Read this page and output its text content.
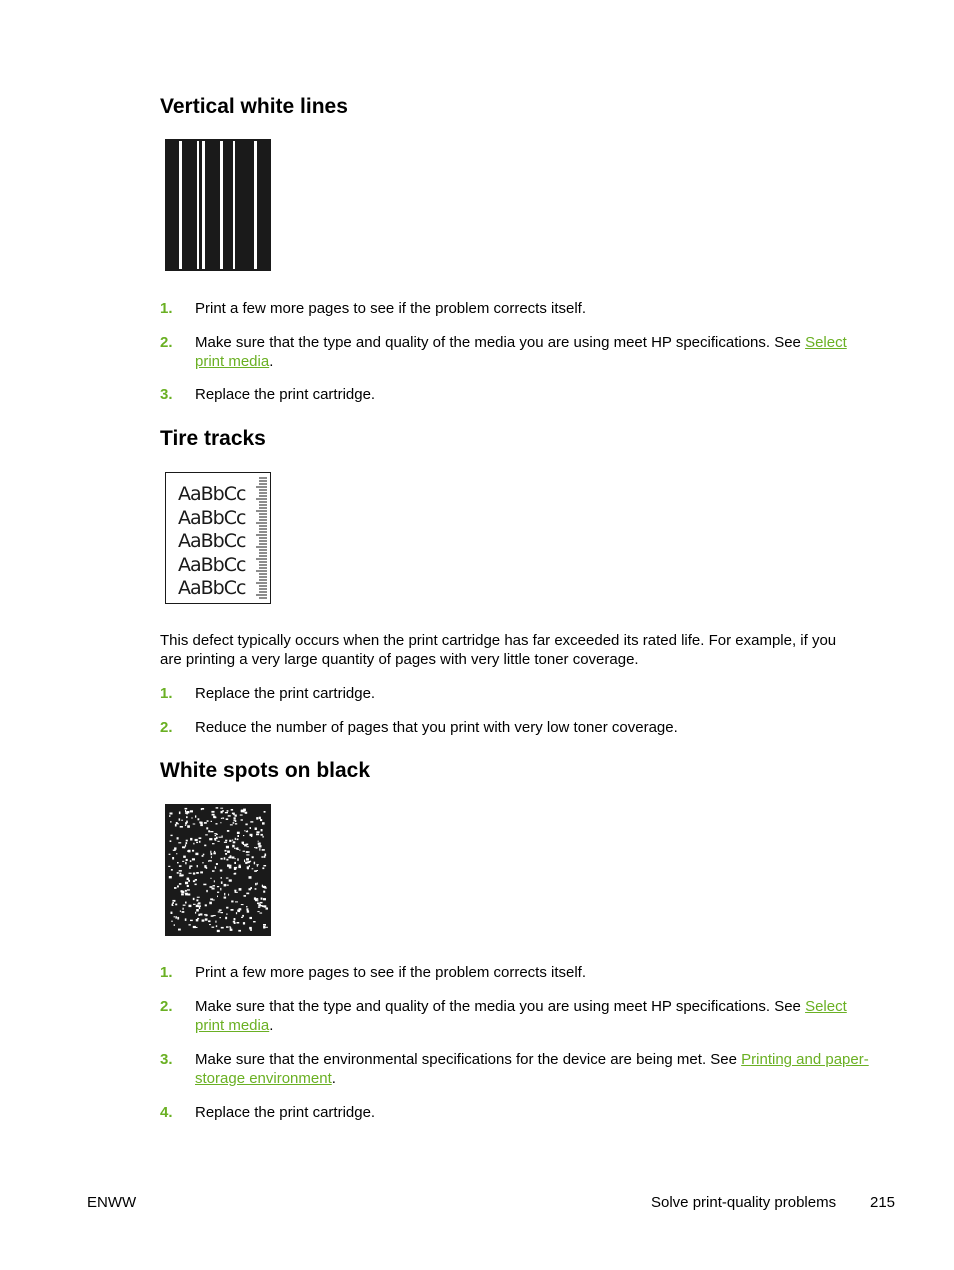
Vertical white lines
1. Print a few more pages to see if the problem corrects itself.
2. Make sure that the type and quality of the media you are using meet HP specifications. See Select print media.
3. Replace the print cartridge.
Tire tracks
AaBbCc
AaBbCc
AaBbCc
AaBbCc
AaBbCc
This defect typically occurs when the print cartridge has far exceeded its rated life. For example, if you are printing a very large quantity of pages with very little toner coverage.
1. Replace the print cartridge.
2. Reduce the number of pages that you print with very low toner coverage.
White spots on black
1. Print a few more pages to see if the problem corrects itself.
2. Make sure that the type and quality of the media you are using meet HP specifications. See Select print media.
3. Make sure that the environmental specifications for the device are being met. See Printing and paper-storage environment.
4. Replace the print cartridge.
ENWW	Solve print-quality problems 215
